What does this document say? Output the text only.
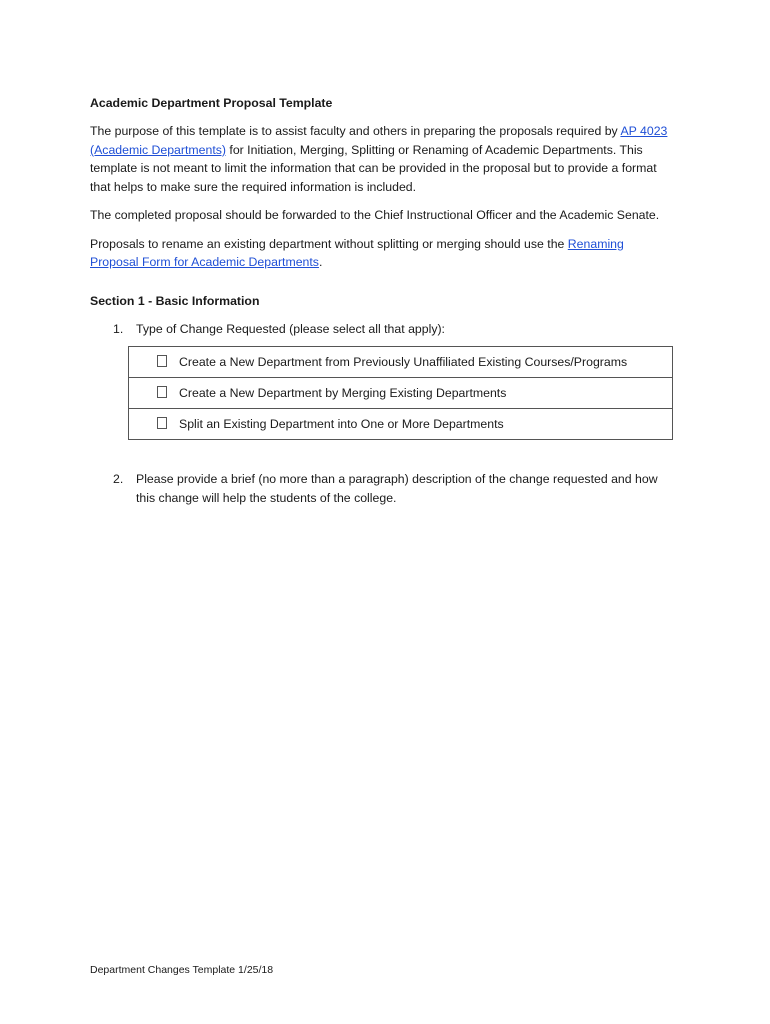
Academic Department Proposal Template

The purpose of this template is to assist faculty and others in preparing the proposals required by AP 4023 (Academic Departments) for Initiation, Merging, Splitting or Renaming of Academic Departments. This template is not meant to limit the information that can be provided in the proposal but to provide a format that helps to make sure the required information is included.

The completed proposal should be forwarded to the Chief Instructional Officer and the Academic Senate.

Proposals to rename an existing department without splitting or merging should use the Renaming Proposal Form for Academic Departments.

Section 1 - Basic Information

1.	Type of Change Requested (please select all that apply):
Create a New Department from Previously Unaffiliated Existing Courses/Programs
Create a New Department by Merging Existing Departments
Split an Existing Department into One or More Departments
2.	Please provide a brief (no more than a paragraph) description of the change requested and how this change will help the students of the college.
Department Changes Template 1/25/18
